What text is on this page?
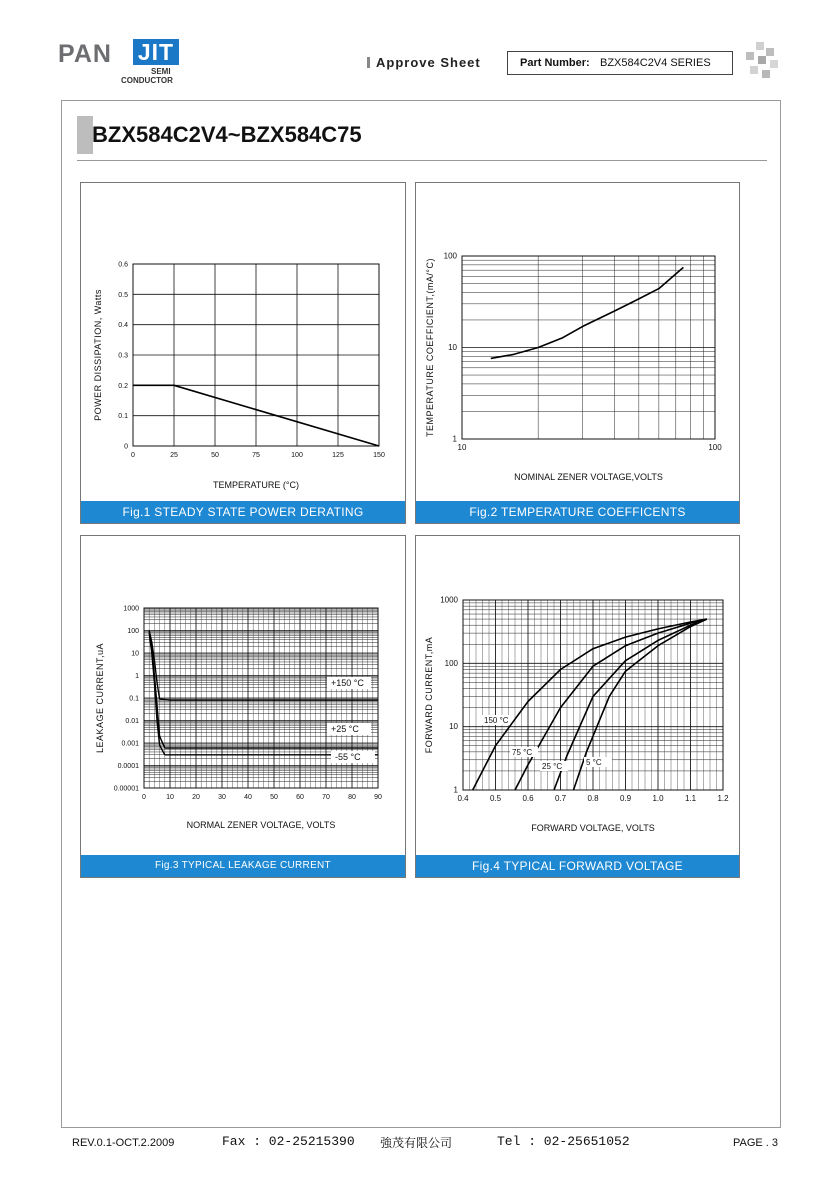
PAN JIT
SEMI
CONDUCTOR
Approve Sheet	Part Number: BZX584C2V4 SERIES
BZX584C2V4~BZX584C75
0
0.1
0.2
0.3
0.4
0.5
0.6
0	25	50	75	100	125	150
TEMPERATURE (°C)
POWER DISSIPATION, Watts
Fig.1 STEADY STATE POWER DERATING
1
10
100
10	100
NOMINAL ZENER VOLTAGE,VOLTS
TEMPERATURE COEFFICIENT,(mA/°C)
Fig.2 TEMPERATURE COEFFICENTS
0.00001
0.0001
0.001
0.01
0.1
1
10
100
1000
0	10	20	30	40	50	60	70	80	90
NORMAL ZENER VOLTAGE, VOLTS
LEAKAGE CURRENT,uA	+150 °C
+25 °C
-55 °C
Fig.3 TYPICAL LEAKAGE CURRENT
1
10
100
1000
0.4	0.5	0.6	0.7	0.8	0.9	1.0	1.1	1.2
FORWARD VOLTAGE, VOLTS
FORWARD CURRENT,mA	150 °C
75 °C
25 °C	5 °C
Fig.4 TYPICAL FORWARD VOLTAGE
REV.0.1-OCT.2.2009	Fax : 02-25215390 強茂有限公司	Tel : 02-25651052	PAGE . 3
